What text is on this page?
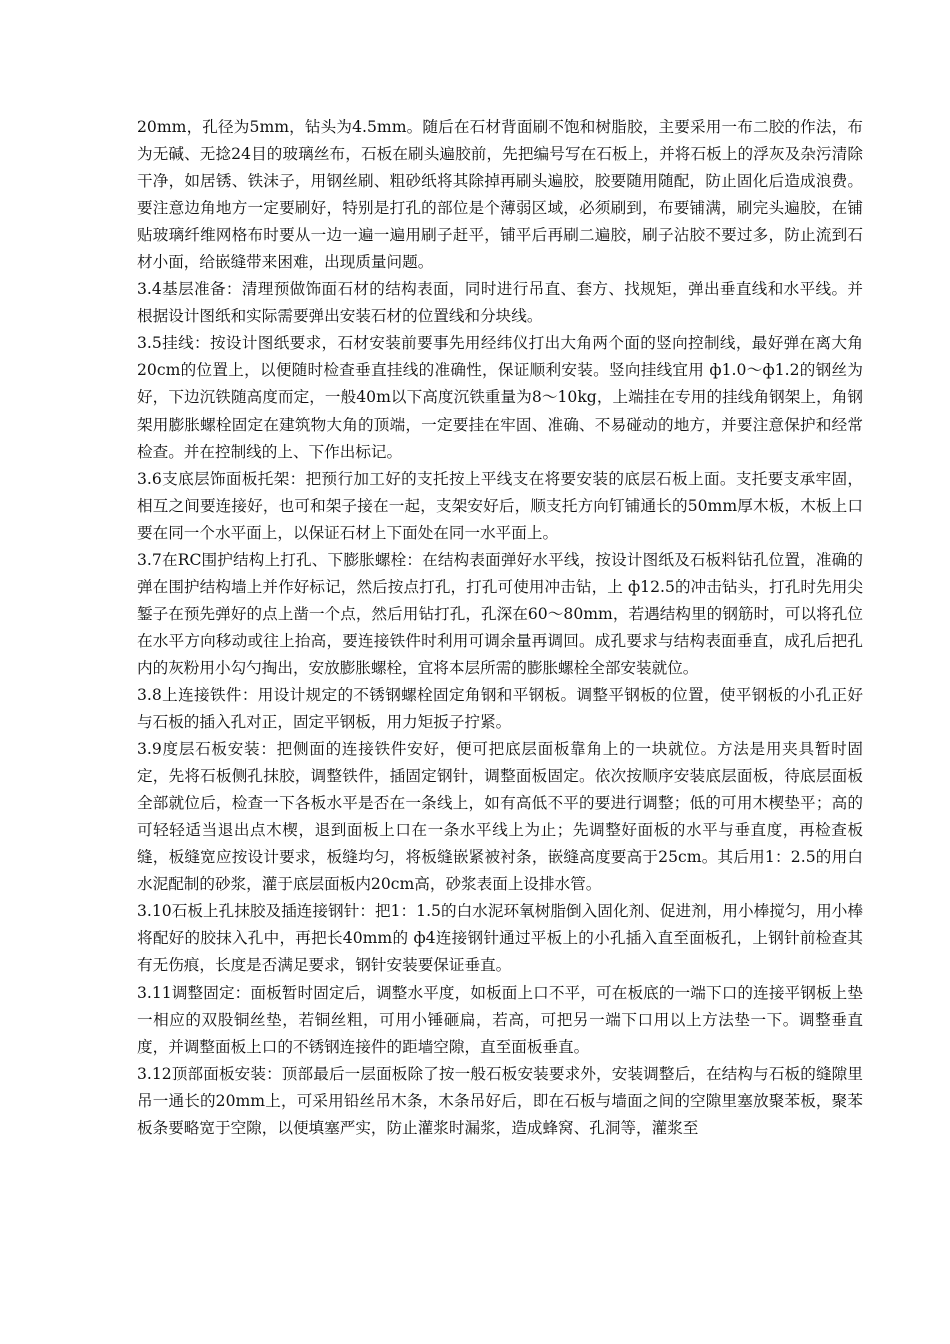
20mm，孔径为5mm，钻头为4.5mm。随后在石材背面刷不饱和树脂胶，主要采用一布二胶的作法，布为无碱、无捻24目的玻璃丝布，石板在刷头遍胶前，先把编号写在石板上，并将石板上的浮灰及杂污清除干净，如居锈、铁沫子，用钢丝刷、粗砂纸将其除掉再刷头遍胶，胶要随用随配，防止固化后造成浪费。要注意边角地方一定要刷好，特别是打孔的部位是个薄弱区域，必须刷到，布要铺满，刷完头遍胶，在铺贴玻璃纤维网格布时要从一边一遍一遍用刷子赶平，铺平后再刷二遍胶，刷子沾胶不要过多，防止流到石材小面，给嵌缝带来困难，出现质量问题。

3.4基层准备：清理预做饰面石材的结构表面，同时进行吊直、套方、找规矩，弹出垂直线和水平线。并根据设计图纸和实际需要弹出安装石材的位置线和分块线。

3.5挂线：按设计图纸要求，石材安装前要事先用经纬仪打出大角两个面的竖向控制线，最好弹在离大角20cm的位置上，以便随时检查垂直挂线的准确性，保证顺利安装。竖向挂线宜用 ф1.0～ф1.2的钢丝为好，下边沉铁随高度而定，一般40m以下高度沉铁重量为8～10kg，上端挂在专用的挂线角钢架上，角钢架用膨胀螺栓固定在建筑物大角的顶端，一定要挂在牢固、准确、不易碰动的地方，并要注意保护和经常检查。并在控制线的上、下作出标记。

3.6支底层饰面板托架：把预行加工好的支托按上平线支在将要安装的底层石板上面。支托要支承牢固，相互之间要连接好，也可和架子接在一起，支架安好后，顺支托方向钉铺通长的50mm厚木板，木板上口要在同一个水平面上，以保证石材上下面处在同一水平面上。

3.7在RC围护结构上打孔、下膨胀螺栓：在结构表面弹好水平线，按设计图纸及石板料钻孔位置，准确的弹在围护结构墙上并作好标记，然后按点打孔，打孔可使用冲击钻，上 ф12.5的冲击钻头，打孔时先用尖錾子在预先弹好的点上凿一个点，然后用钻打孔，孔深在60～80mm，若遇结构里的钢筋时，可以将孔位在水平方向移动或往上抬高，要连接铁件时利用可调余量再调回。成孔要求与结构表面垂直，成孔后把孔内的灰粉用小勾勺掏出，安放膨胀螺栓，宜将本层所需的膨胀螺栓全部安装就位。

3.8上连接铁件：用设计规定的不锈钢螺栓固定角钢和平钢板。调整平钢板的位置，使平钢板的小孔正好与石板的插入孔对正，固定平钢板，用力矩扳子拧紧。

3.9度层石板安装：把侧面的连接铁件安好，便可把底层面板靠角上的一块就位。方法是用夹具暂时固定，先将石板侧孔抹胶，调整铁件，插固定钢针，调整面板固定。依次按顺序安装底层面板，待底层面板全部就位后，检查一下各板水平是否在一条线上，如有高低不平的要进行调整；低的可用木楔垫平；高的可轻轻适当退出点木楔，退到面板上口在一条水平线上为止；先调整好面板的水平与垂直度，再检查板缝，板缝宽应按设计要求，板缝均匀，将板缝嵌紧被衬条，嵌缝高度要高于25cm。其后用1：2.5的用白水泥配制的砂浆，灌于底层面板内20cm高，砂浆表面上设排水管。

3.10石板上孔抹胶及插连接钢针：把1：1.5的白水泥环氧树脂倒入固化剂、促进剂，用小棒搅匀，用小棒将配好的胶抹入孔中，再把长40mm的 ф4连接钢针通过平板上的小孔插入直至面板孔，上钢针前检查其有无伤痕，长度是否满足要求，钢针安装要保证垂直。

3.11调整固定：面板暂时固定后，调整水平度，如板面上口不平，可在板底的一端下口的连接平钢板上垫一相应的双股铜丝垫，若铜丝粗，可用小锤砸扁，若高，可把另一端下口用以上方法垫一下。调整垂直度，并调整面板上口的不锈钢连接件的距墙空隙，直至面板垂直。

3.12顶部面板安装：顶部最后一层面板除了按一般石板安装要求外，安装调整后，在结构与石板的缝隙里吊一通长的20mm上，可采用铅丝吊木条，木条吊好后，即在石板与墙面之间的空隙里塞放聚苯板，聚苯板条要略宽于空隙，以便填塞严实，防止灌浆时漏浆，造成蜂窝、孔洞等，灌浆至
